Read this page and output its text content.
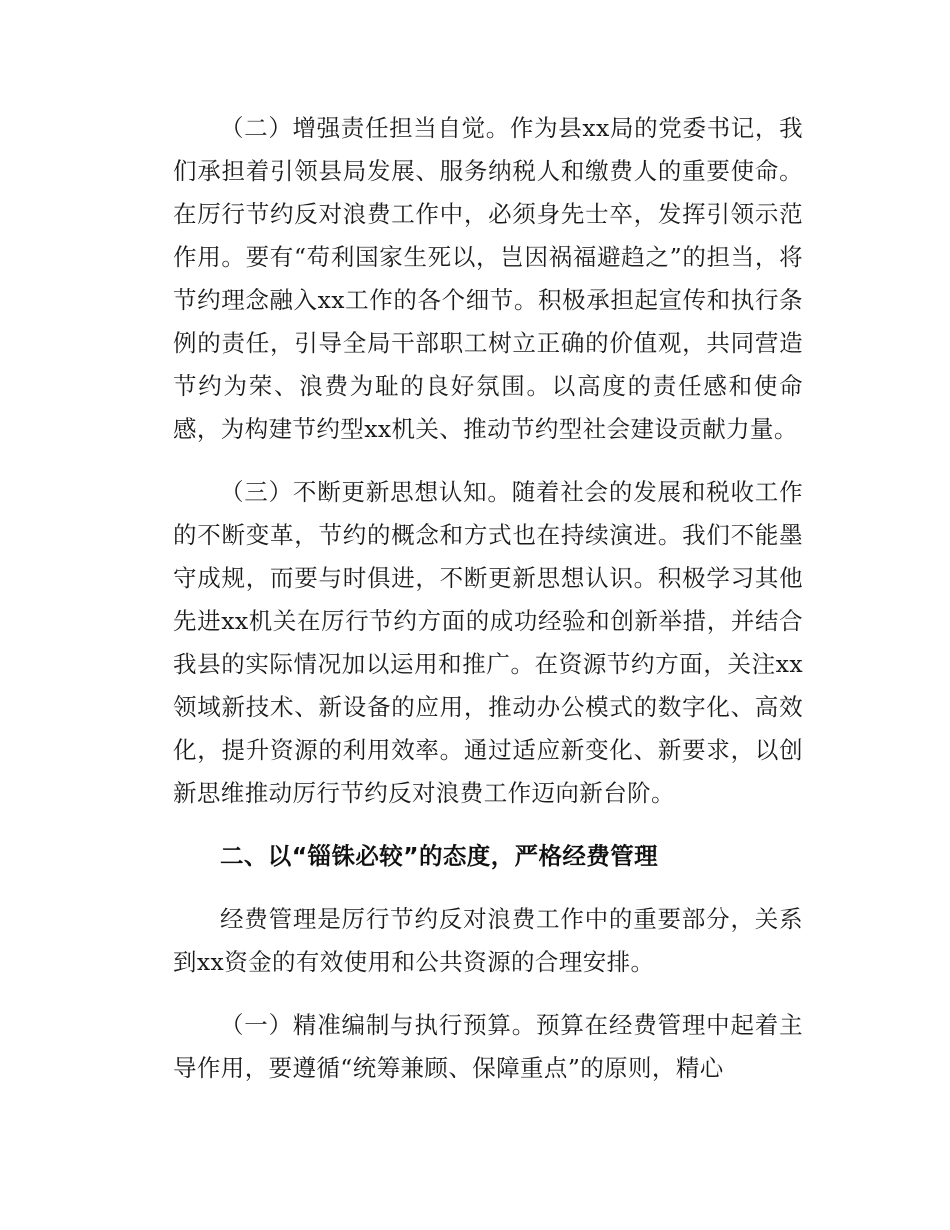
（二）增强责任担当自觉。作为县xx局的党委书记，我们承担着引领县局发展、服务纳税人和缴费人的重要使命。在厉行节约反对浪费工作中，必须身先士卒，发挥引领示范作用。要有“苟利国家生死以，岂因祸福避趋之”的担当，将节约理念融入xx工作的各个细节。积极承担起宣传和执行条例的责任，引导全局干部职工树立正确的价值观，共同营造节约为荣、浪费为耻的良好氛围。以高度的责任感和使命感，为构建节约型xx机关、推动节约型社会建设贡献力量。

（三）不断更新思想认知。随着社会的发展和税收工作的不断变革，节约的概念和方式也在持续演进。我们不能墨守成规，而要与时俱进，不断更新思想认识。积极学习其他先进xx机关在厉行节约方面的成功经验和创新举措，并结合我县的实际情况加以运用和推广。在资源节约方面，关注xx领域新技术、新设备的应用，推动办公模式的数字化、高效化，提升资源的利用效率。通过适应新变化、新要求，以创新思维推动厉行节约反对浪费工作迈向新台阶。

二、以“锱铢必较”的态度，严格经费管理

经费管理是厉行节约反对浪费工作中的重要部分，关系到xx资金的有效使用和公共资源的合理安排。

（一）精准编制与执行预算。预算在经费管理中起着主导作用，要遵循“统筹兼顾、保障重点”的原则，精心
